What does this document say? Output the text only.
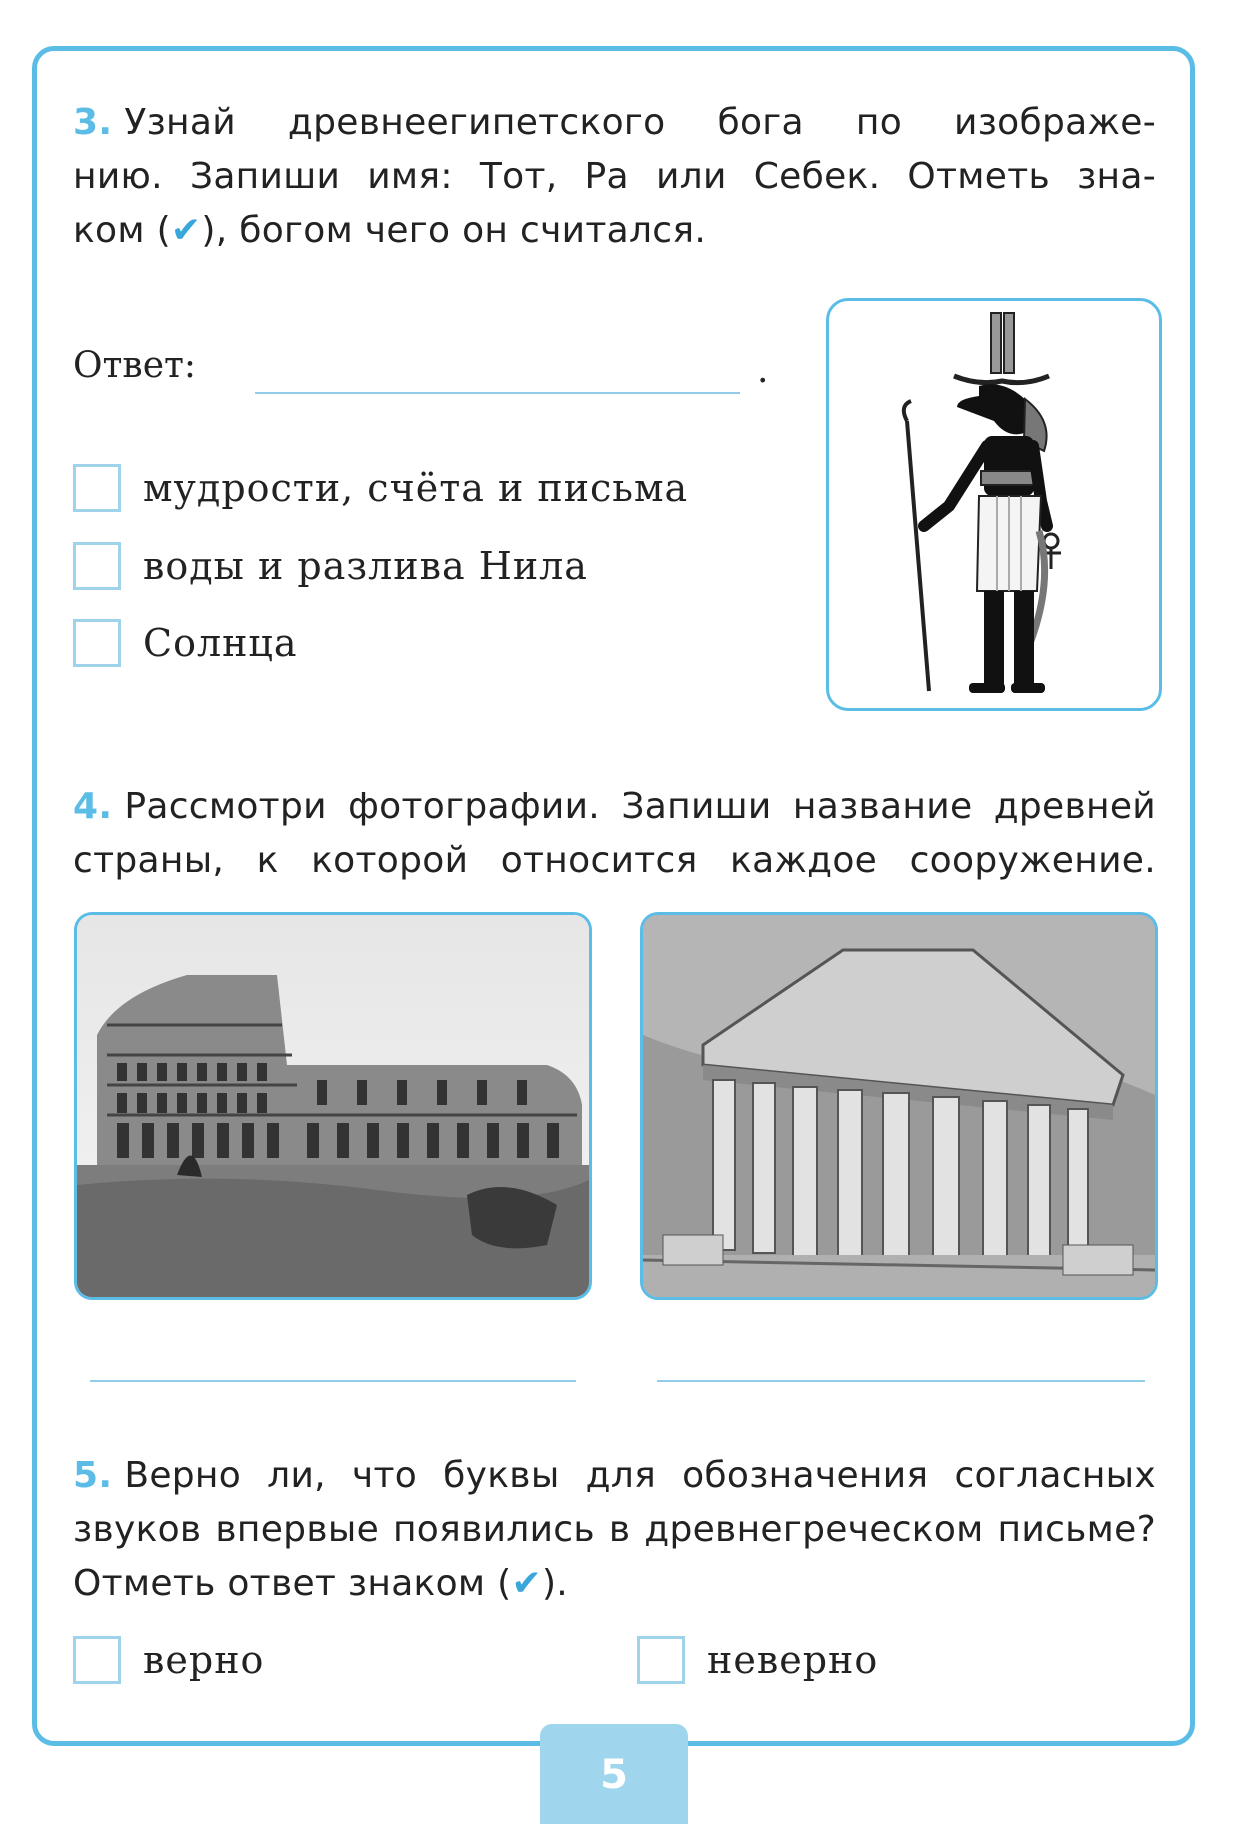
3. Узнай древнеегипетского бога по изображе-

нию. Запиши имя: Тот, Ра или Себек. Отметь зна-

ком (✔), богом чего он считался.

Ответ:	.
мудрости, счёта и письма
воды и разлива Нила
Солнца

4. Рассмотри фотографии. Запиши название древней

страны, к которой относится каждое сооружение.

5. Верно ли, что буквы для обозначения согласных

звуков впервые появились в древнегреческом письме?

Отметь ответ знаком (✔).

верно	неверно
5
